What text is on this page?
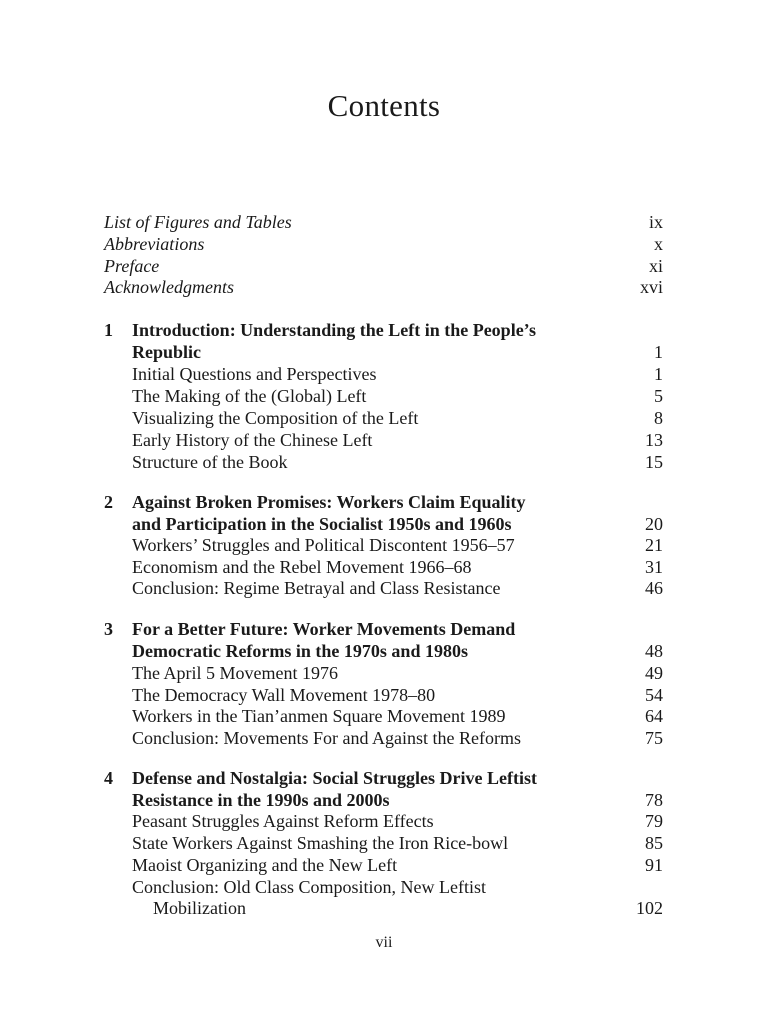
Contents
List of Figures and Tables	ix
Abbreviations	x
Preface	xi
Acknowledgments	xvi
1 Introduction: Understanding the Left in the People’s
Republic	1
Initial Questions and Perspectives	1
The Making of the (Global) Left	5
Visualizing the Composition of the Left	8
Early History of the Chinese Left	13
Structure of the Book	15
2 Against Broken Promises: Workers Claim Equality
and Participation in the Socialist 1950s and 1960s	20
Workers’ Struggles and Political Discontent 1956–57	21
Economism and the Rebel Movement 1966–68	31
Conclusion: Regime Betrayal and Class Resistance	46
3 For a Better Future: Worker Movements Demand
Democratic Reforms in the 1970s and 1980s	48
The April 5 Movement 1976	49
The Democracy Wall Movement 1978–80	54
Workers in the Tian’anmen Square Movement 1989	64
Conclusion: Movements For and Against the Reforms	75
4 Defense and Nostalgia: Social Struggles Drive Leftist
Resistance in the 1990s and 2000s	78
Peasant Struggles Against Reform Effects	79
State Workers Against Smashing the Iron Rice-bowl	85
Maoist Organizing and the New Left	91
Conclusion: Old Class Composition, New Leftist
Mobilization	102
vii
